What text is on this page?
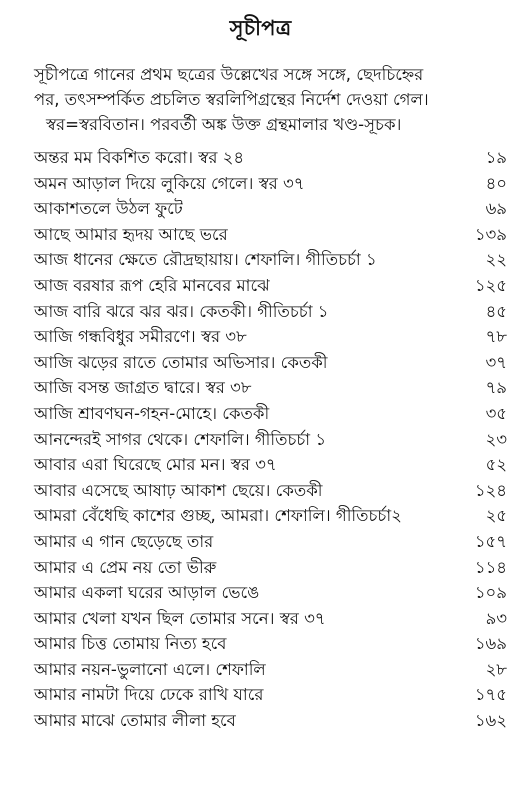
সূচীপত্র
সূচীপত্রে গানের প্রথম ছত্রের উল্লেখের সঙ্গে সঙ্গে, ছেদচিহ্নের
পর, তৎসম্পর্কিত প্রচলিত স্বরলিপিগ্রন্থের নির্দেশ দেওয়া গেল।
স্বর=স্বরবিতান। পরবর্তী অঙ্ক উক্ত গ্রন্থমালার খণ্ড-সূচক।
অন্তর মম বিকশিত করো। স্বর ২৪	১৯
অমন আড়াল দিয়ে লুকিয়ে গেলে। স্বর ৩৭	৪০
আকাশতলে উঠল ফুটে	৬৯
আছে আমার হৃদয় আছে ভরে	১৩৯
আজ ধানের ক্ষেতে রৌদ্রছায়ায়। শেফালি। গীতিচর্চা ১	২২
আজ বরষার রূপ হেরি মানবের মাঝে	১২৫
আজ বারি ঝরে ঝর ঝর। কেতকী। গীতিচর্চা ১	৪৫
আজি গন্ধবিধুর সমীরণে। স্বর ৩৮	৭৮
আজি ঝড়ের রাতে তোমার অভিসার। কেতকী	৩৭
আজি বসন্ত জাগ্রত দ্বারে। স্বর ৩৮	৭৯
আজি শ্রাবণঘন-গহন-মোহে। কেতকী	৩৫
আনন্দেরই সাগর থেকে। শেফালি। গীতিচর্চা ১	২৩
আবার এরা ঘিরেছে মোর মন। স্বর ৩৭	৫২
আবার এসেছে আষাঢ় আকাশ ছেয়ে। কেতকী	১২৪
আমরা বেঁধেছি কাশের গুচ্ছ, আমরা। শেফালি। গীতিচর্চা২	২৫
আমার এ গান ছেড়েছে তার	১৫৭
আমার এ প্রেম নয় তো ভীরু	১১৪
আমার একলা ঘরের আড়াল ভেঙে	১০৯
আমার খেলা যখন ছিল তোমার সনে। স্বর ৩৭	৯৩
আমার চিত্ত তোমায় নিত্য হবে	১৬৯
আমার নয়ন-ভুলানো এলে। শেফালি	২৮
আমার নামটা দিয়ে ঢেকে রাখি যারে	১৭৫
আমার মাঝে তোমার লীলা হবে	১৬২
